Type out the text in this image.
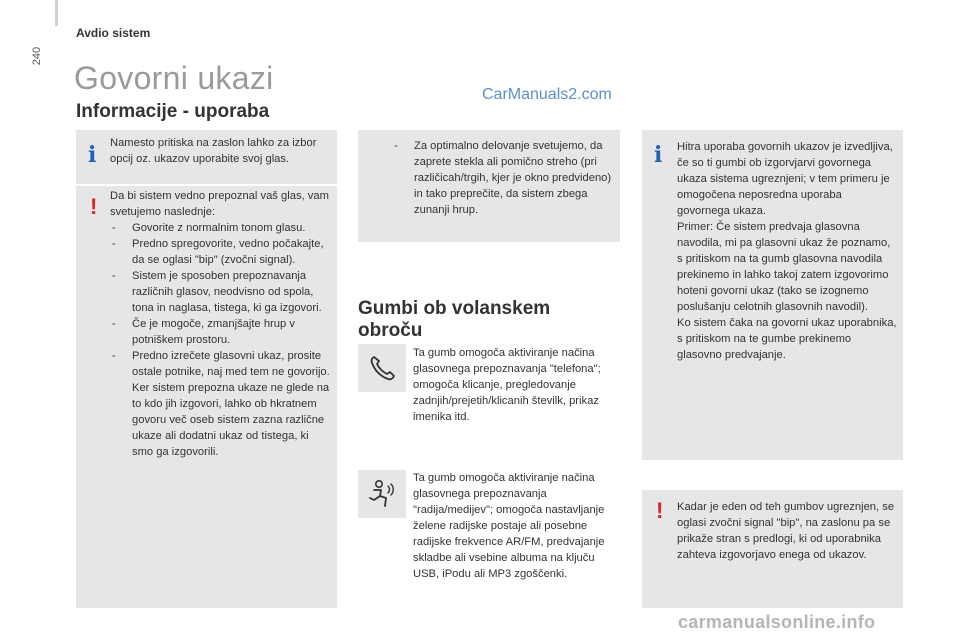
240
Avdio sistem
Govorni ukazi
Informacije - uporaba
CarManuals2.com
i Namesto pritiska na zaslon lahko za izbor opcij oz. ukazov uporabite svoj glas.

! Da bi sistem vedno prepoznal vaš glas, vam svetujemo naslednje:

- Govorite z normalnim tonom glasu.
- Predno spregovorite, vedno počakajte, da se oglasi "bip" (zvočni signal).
- Sistem je sposoben prepoznavanja različnih glasov, neodvisno od spola, tona in naglasa, tistega, ki ga izgovori.
- Če je mogoče, zmanjšajte hrup v potniškem prostoru.
- Predno izrečete glasovni ukaz, prosite ostale potnike, naj med tem ne govorijo. Ker sistem prepozna ukaze ne glede na to kdo jih izgovori, lahko ob hkratnem govoru več oseb sistem zazna različne ukaze ali dodatni ukaz od tistega, ki smo ga izgovorili.
- Za optimalno delovanje svetujemo, da zaprete stekla ali pomično streho (pri različicah/trgih, kjer je okno predvideno) in tako preprečite, da sistem zbega zunanji hrup.
Gumbi ob volanskem obroču

Ta gumb omogoča aktiviranje načina glasovnega prepoznavanja "telefona"; omogoča klicanje, pregledovanje zadnjih/prejetih/klicanih številk, prikaz imenika itd.

Ta gumb omogoča aktiviranje načina glasovnega prepoznavanja "radija/medijev"; omogoča nastavljanje želene radijske postaje ali posebne radijske frekvence AR/FM, predvajanje skladbe ali vsebine albuma na ključu USB, iPodu ali MP3 zgoščenki.

i Hitra uporaba govornih ukazov je izvedljiva, če so ti gumbi ob izgorvjarvi govornega ukaza sistema ugreznjeni; v tem primeru je omogočena neposredna uporaba govornega ukaza.
Primer: Če sistem predvaja glasovna navodila, mi pa glasovni ukaz že poznamo, s pritiskom na ta gumb glasovna navodila prekinemo in lahko takoj zatem izgovorimo hoteni govorni ukaz (tako se izognemo poslušanju celotnih glasovnih navodil).
Ko sistem čaka na govorni ukaz uporabnika, s pritiskom na te gumbe prekinemo glasovno predvajanje.

! Kadar je eden od teh gumbov ugreznjen, se oglasi zvočni signal "bip", na zaslonu pa se prikaže stran s predlogi, ki od uporabnika zahteva izgovorjavo enega od ukazov.

carmanualsonline.info
